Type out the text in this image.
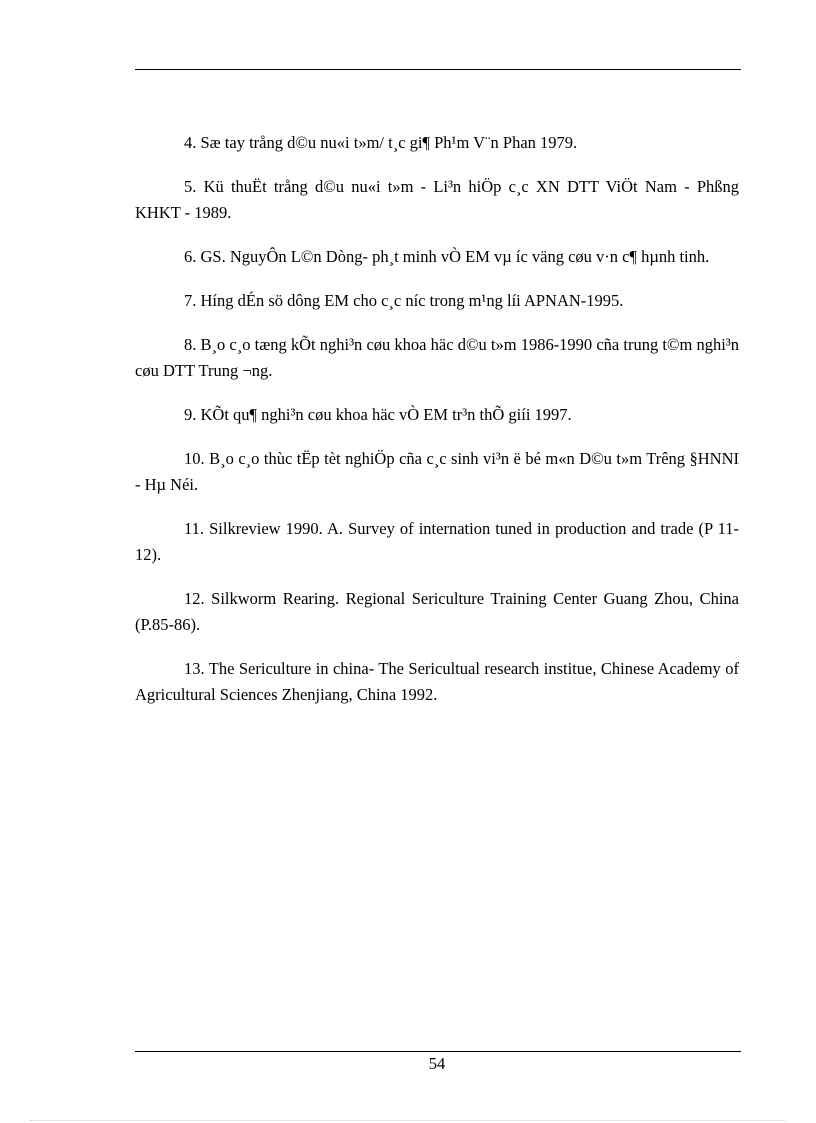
4. Sæ tay trång d©u nu«i t»m/ t¸c gi¶ Ph¹m V¨n Phan 1979.

5. Kü thuËt trång d©u nu«i t»m - Li³n hiÖp c¸c XN DTT ViÖt Nam - Phßng KHKT - 1989.

6. GS. NguyÔn L©n Dòng- ph¸t minh vÒ EM vµ íc väng cøu v·n c¶ hµnh tinh.

7. Híng dÉn sö dông EM cho c¸c níc trong m¹ng líi APNAN-1995.

8. B¸o c¸o tæng kÕt nghi³n cøu khoa häc d©u t»m 1986-1990 cña trung t©m nghi³n cøu DTT Trung ¬ng.

9. KÕt qu¶ nghi³n cøu khoa häc vÒ EM tr³n thÕ giíi 1997.

10. B¸o c¸o thùc tËp tèt nghiÖp cña c¸c sinh vi³n ë bé m«n D©u t»m Trêng §HNNI - Hµ Néi.

11. Silkreview 1990. A. Survey of internation tuned in production and trade (P 11-12).

12. Silkworm Rearing. Regional Sericulture Training Center Guang Zhou, China (P.85-86).

13. The Sericulture in china- The Sericultual research institue, Chinese Academy of Agricultural Sciences Zhenjiang, China 1992.

54
